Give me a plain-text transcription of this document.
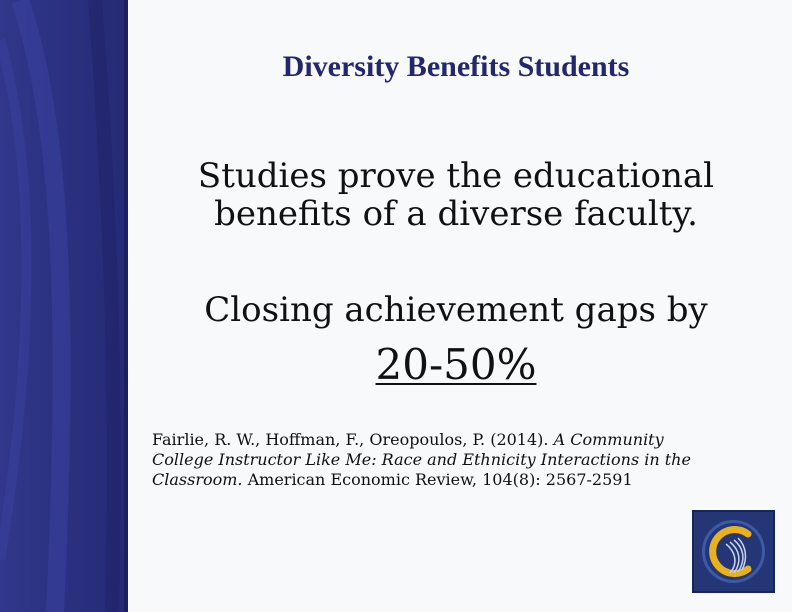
Diversity Benefits Students

Studies prove the educational benefits of a diverse faculty.

Closing achievement gaps by

20-50%

Fairlie, R. W., Hoffman, F., Oreopoulos, P. (2014). A Community College Instructor Like Me: Race and Ethnicity Interactions in the Classroom. American Economic Review, 104(8): 2567-2591
